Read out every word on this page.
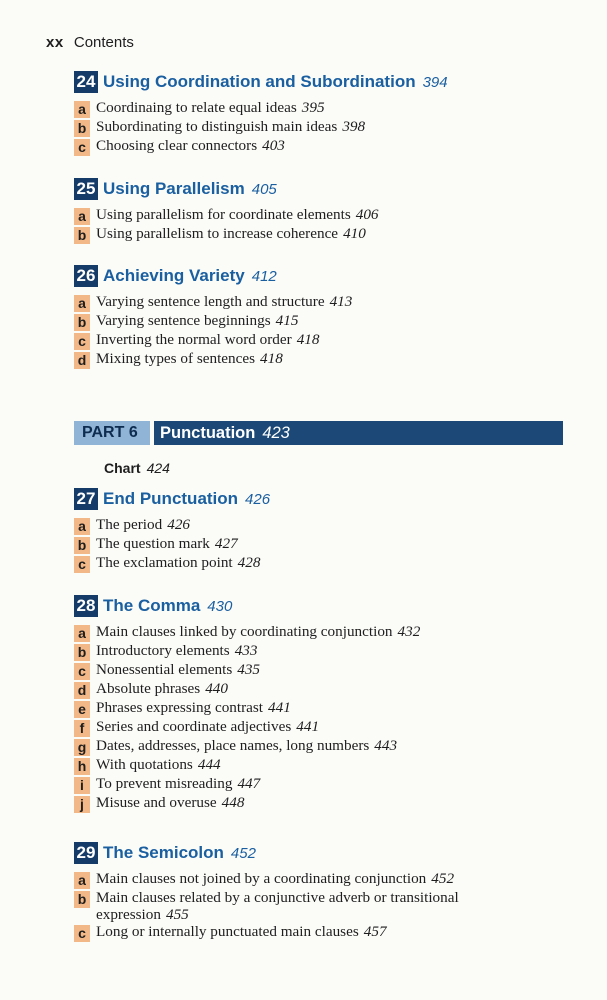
xx Contents
24 Using Coordination and Subordination 394
a Coordinaing to relate equal ideas 395
b Subordinating to distinguish main ideas 398
c Choosing clear connectors 403
25 Using Parallelism 405
a Using parallelism for coordinate elements 406
b Using parallelism to increase coherence 410
26 Achieving Variety 412
a Varying sentence length and structure 413
b Varying sentence beginnings 415
c Inverting the normal word order 418
d Mixing types of sentences 418
PART 6	Punctuation 423
Chart 424
27 End Punctuation 426
a The period 426
b The question mark 427
c The exclamation point 428
28 The Comma 430
a Main clauses linked by coordinating conjunction 432
b Introductory elements 433
c Nonessential elements 435
d Absolute phrases 440
e Phrases expressing contrast 441
f Series and coordinate adjectives 441
g Dates, addresses, place names, long numbers 443
h With quotations 444
i To prevent misreading 447
j Misuse and overuse 448
29 The Semicolon 452
a Main clauses not joined by a coordinating conjunction 452
b Main clauses related by a conjunctive adverb or transitional expression 455
c Long or internally punctuated main clauses 457
